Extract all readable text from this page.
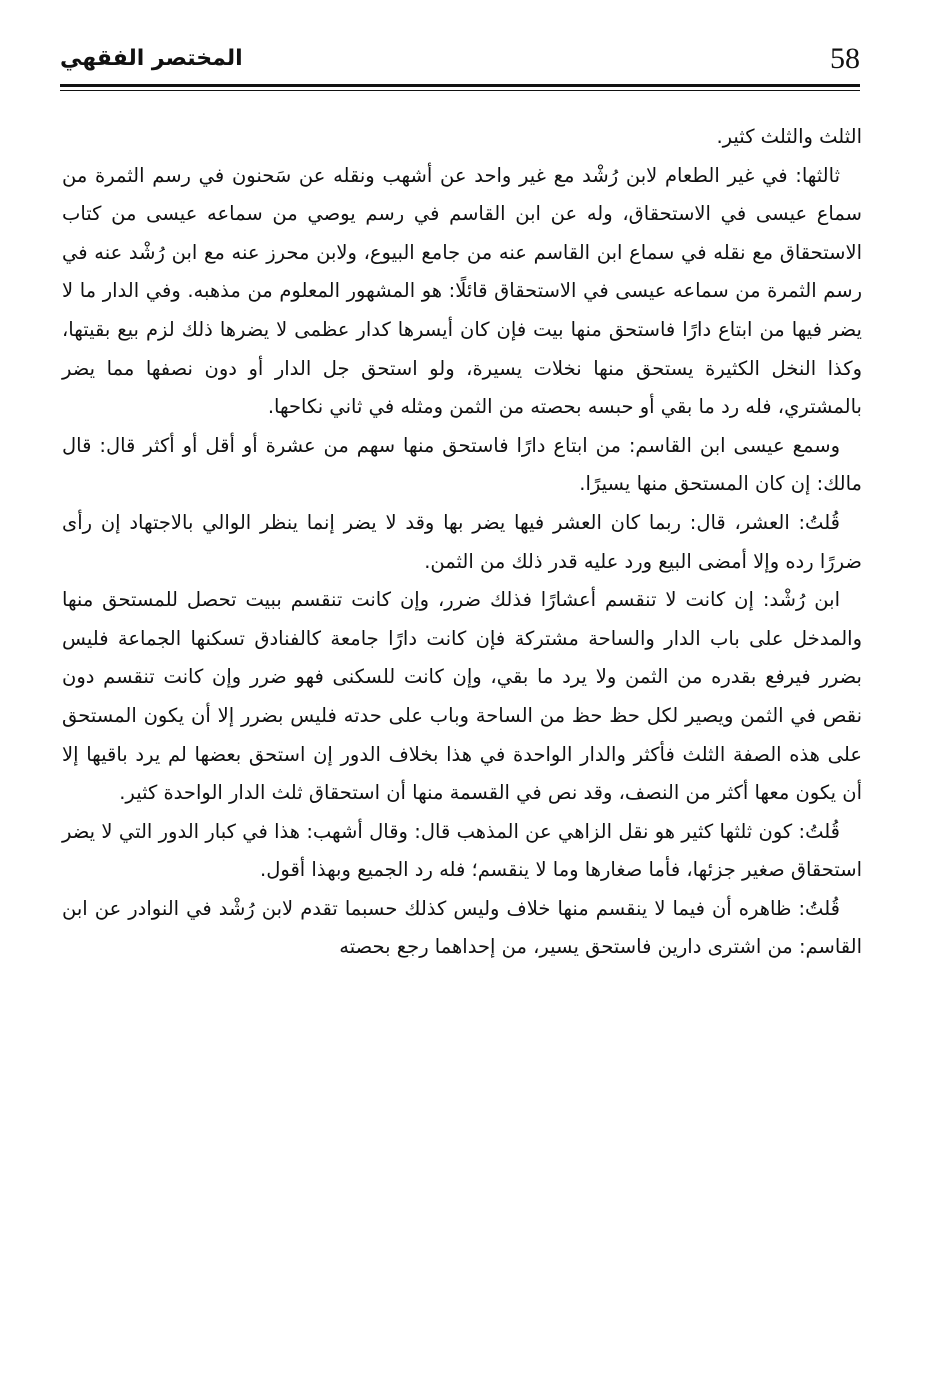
58
المختصر الفقهي

الثلث والثلث كثير.

ثالثها: في غير الطعام لابن رُشْد مع غير واحد عن أشهب ونقله عن سَحنون في رسم الثمرة من سماع عيسى في الاستحقاق، وله عن ابن القاسم في رسم يوصي من سماعه عيسى من كتاب الاستحقاق مع نقله في سماع ابن القاسم عنه من جامع البيوع، ولابن محرز عنه مع ابن رُشْد عنه في رسم الثمرة من سماعه عيسى في الاستحقاق قائلًا: هو المشهور المعلوم من مذهبه. وفي الدار ما لا يضر فيها من ابتاع دارًا فاستحق منها بيت فإن كان أيسرها كدار عظمى لا يضرها ذلك لزم بيع بقيتها، وكذا النخل الكثيرة يستحق منها نخلات يسيرة، ولو استحق جل الدار أو دون نصفها مما يضر بالمشتري، فله رد ما بقي أو حبسه بحصته من الثمن ومثله في ثاني نكاحها.

وسمع عيسى ابن القاسم: من ابتاع دارًا فاستحق منها سهم من عشرة أو أقل أو أكثر قال: قال مالك: إن كان المستحق منها يسيرًا.

قُلتُ: العشر، قال: ربما كان العشر فيها يضر بها وقد لا يضر إنما ينظر الوالي بالاجتهاد إن رأى ضررًا رده وإلا أمضى البيع ورد عليه قدر ذلك من الثمن.

ابن رُشْد: إن كانت لا تنقسم أعشارًا فذلك ضرر، وإن كانت تنقسم ببيت تحصل للمستحق منها والمدخل على باب الدار والساحة مشتركة فإن كانت دارًا جامعة كالفنادق تسكنها الجماعة فليس بضرر فيرفع بقدره من الثمن ولا يرد ما بقي، وإن كانت للسكنى فهو ضرر وإن كانت تنقسم دون نقص في الثمن ويصير لكل حظ حظ من الساحة وباب على حدته فليس بضرر إلا أن يكون المستحق على هذه الصفة الثلث فأكثر والدار الواحدة في هذا بخلاف الدور إن استحق بعضها لم يرد باقيها إلا أن يكون معها أكثر من النصف، وقد نص في القسمة منها أن استحقاق ثلث الدار الواحدة كثير.

قُلتُ: كون ثلثها كثير هو نقل الزاهي عن المذهب قال: وقال أشهب: هذا في كبار الدور التي لا يضر استحقاق صغير جزئها، فأما صغارها وما لا ينقسم؛ فله رد الجميع وبهذا أقول.

قُلتُ: ظاهره أن فيما لا ينقسم منها خلاف وليس كذلك حسبما تقدم لابن رُشْد في النوادر عن ابن القاسم: من اشترى دارين فاستحق يسير، من إحداهما رجع بحصته
